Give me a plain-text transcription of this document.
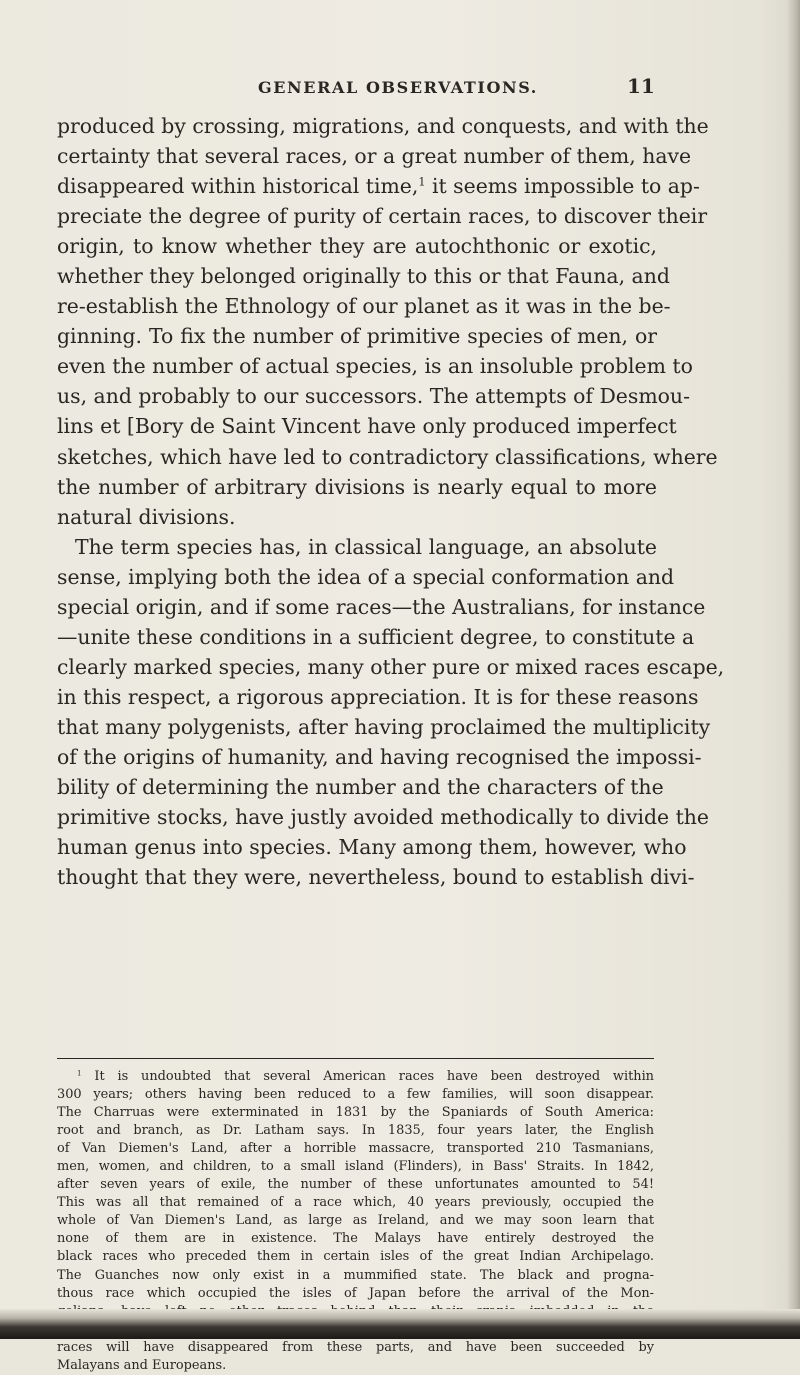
GENERAL OBSERVATIONS.	11
produced by crossing, migrations, and conquests, and with the
certainty that several races, or a great number of them, have
disappeared within historical time,$^1$ it seems impossible to ap-
preciate the degree of purity of certain races, to discover their
origin, to know whether they are autochthonic or exotic,
whether they belonged originally to this or that Fauna, and
re-establish the Ethnology of our planet as it was in the be-
ginning. To fix the number of primitive species of men, or
even the number of actual species, is an insoluble problem to
us, and probably to our successors. The attempts of Desmou-
lins et [Bory de Saint Vincent have only produced imperfect
sketches, which have led to contradictory classifications, where
the number of arbitrary divisions is nearly equal to more
natural divisions.
The term species has, in classical language, an absolute
sense, implying both the idea of a special conformation and
special origin, and if some races—the Australians, for instance
—unite these conditions in a sufficient degree, to constitute a
clearly marked species, many other pure or mixed races escape,
in this respect, a rigorous appreciation. It is for these reasons
that many polygenists, after having proclaimed the multiplicity
of the origins of humanity, and having recognised the impossi-
bility of determining the number and the characters of the
primitive stocks, have justly avoided methodically to divide the
human genus into species. Many among them, however, who
thought that they were, nevertheless, bound to establish divi-
$^1$ It is undoubted that several American races have been destroyed within
300 years; others having been reduced to a few families, will soon disappear.
The Charruas were exterminated in 1831 by the Spaniards of South America:
root and branch, as Dr. Latham says. In 1835, four years later, the English
of Van Diemen's Land, after a horrible massacre, transported 210 Tasmanians,
men, women, and children, to a small island (Flinders), in Bass' Straits. In 1842,
after seven years of exile, the number of these unfortunates amounted to 54!
This was all that remained of a race which, 40 years previously, occupied the
whole of Van Diemen's Land, as large as Ireland, and we may soon learn that
none of them are in existence. The Malays have entirely destroyed the
black races who preceded them in certain isles of the great Indian Archipelago.
The Guanches now only exist in a mummified state. The black and progna-
thous race which occupied the isles of Japan before the arrival of the Mon-
races will have disappeared from these parts, and have been succeeded by
Malayans and Europeans.
